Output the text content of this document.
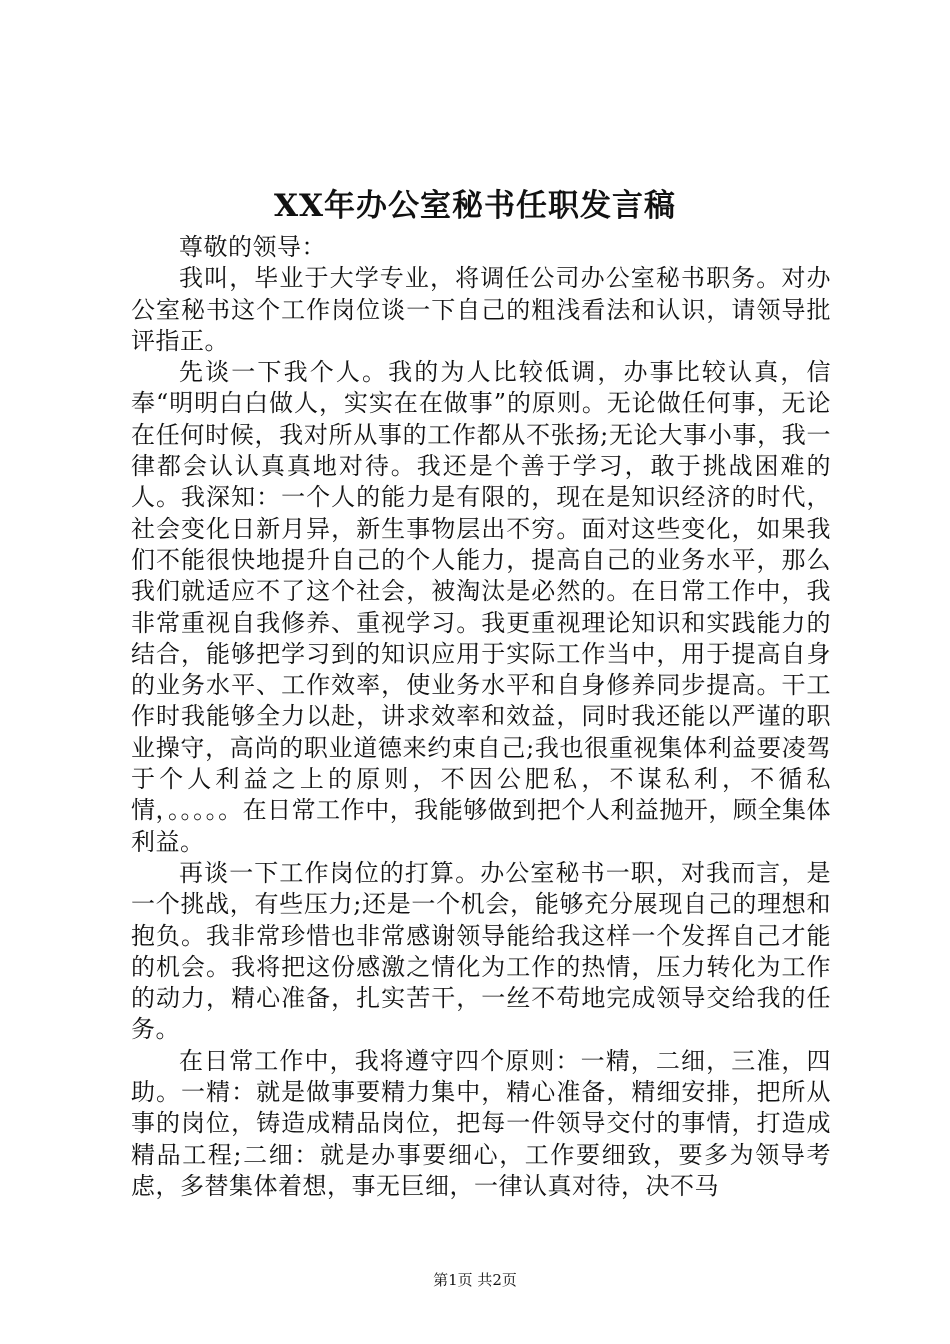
XX年办公室秘书任职发言稿

尊敬的领导：

我叫，毕业于大学专业，将调任公司办公室秘书职务。对办公室秘书这个工作岗位谈一下自己的粗浅看法和认识，请领导批评指正。

先谈一下我个人。我的为人比较低调，办事比较认真，信奉“明明白白做人，实实在在做事”的原则。无论做任何事，无论在任何时候，我对所从事的工作都从不张扬;无论大事小事，我一律都会认认真真地对待。我还是个善于学习，敢于挑战困难的人。我深知：一个人的能力是有限的，现在是知识经济的时代，社会变化日新月异，新生事物层出不穷。面对这些变化，如果我们不能很快地提升自己的个人能力，提高自己的业务水平，那么我们就适应不了这个社会，被淘汰是必然的。在日常工作中，我非常重视自我修养、重视学习。我更重视理论知识和实践能力的结合，能够把学习到的知识应用于实际工作当中，用于提高自身的业务水平、工作效率，使业务水平和自身修养同步提高。干工作时我能够全力以赴，讲求效率和效益，同时我还能以严谨的职业操守，高尚的职业道德来约束自己;我也很重视集体利益要凌驾于个人利益之上的原则，不因公肥私，不谋私利，不循私情，。。。。。在日常工作中，我能够做到把个人利益抛开，顾全集体利益。

再谈一下工作岗位的打算。办公室秘书一职，对我而言，是一个挑战，有些压力;还是一个机会，能够充分展现自己的理想和抱负。我非常珍惜也非常感谢领导能给我这样一个发挥自己才能的机会。我将把这份感激之情化为工作的热情，压力转化为工作的动力，精心准备，扎实苦干，一丝不苟地完成领导交给我的任务。

在日常工作中，我将遵守四个原则：一精，二细，三准，四助。一精：就是做事要精力集中，精心准备，精细安排，把所从事的岗位，铸造成精品岗位，把每一件领导交付的事情，打造成精品工程;二细：就是办事要细心，工作要细致，要多为领导考虑，多替集体着想，事无巨细，一律认真对待，决不马

第1页 共2页
